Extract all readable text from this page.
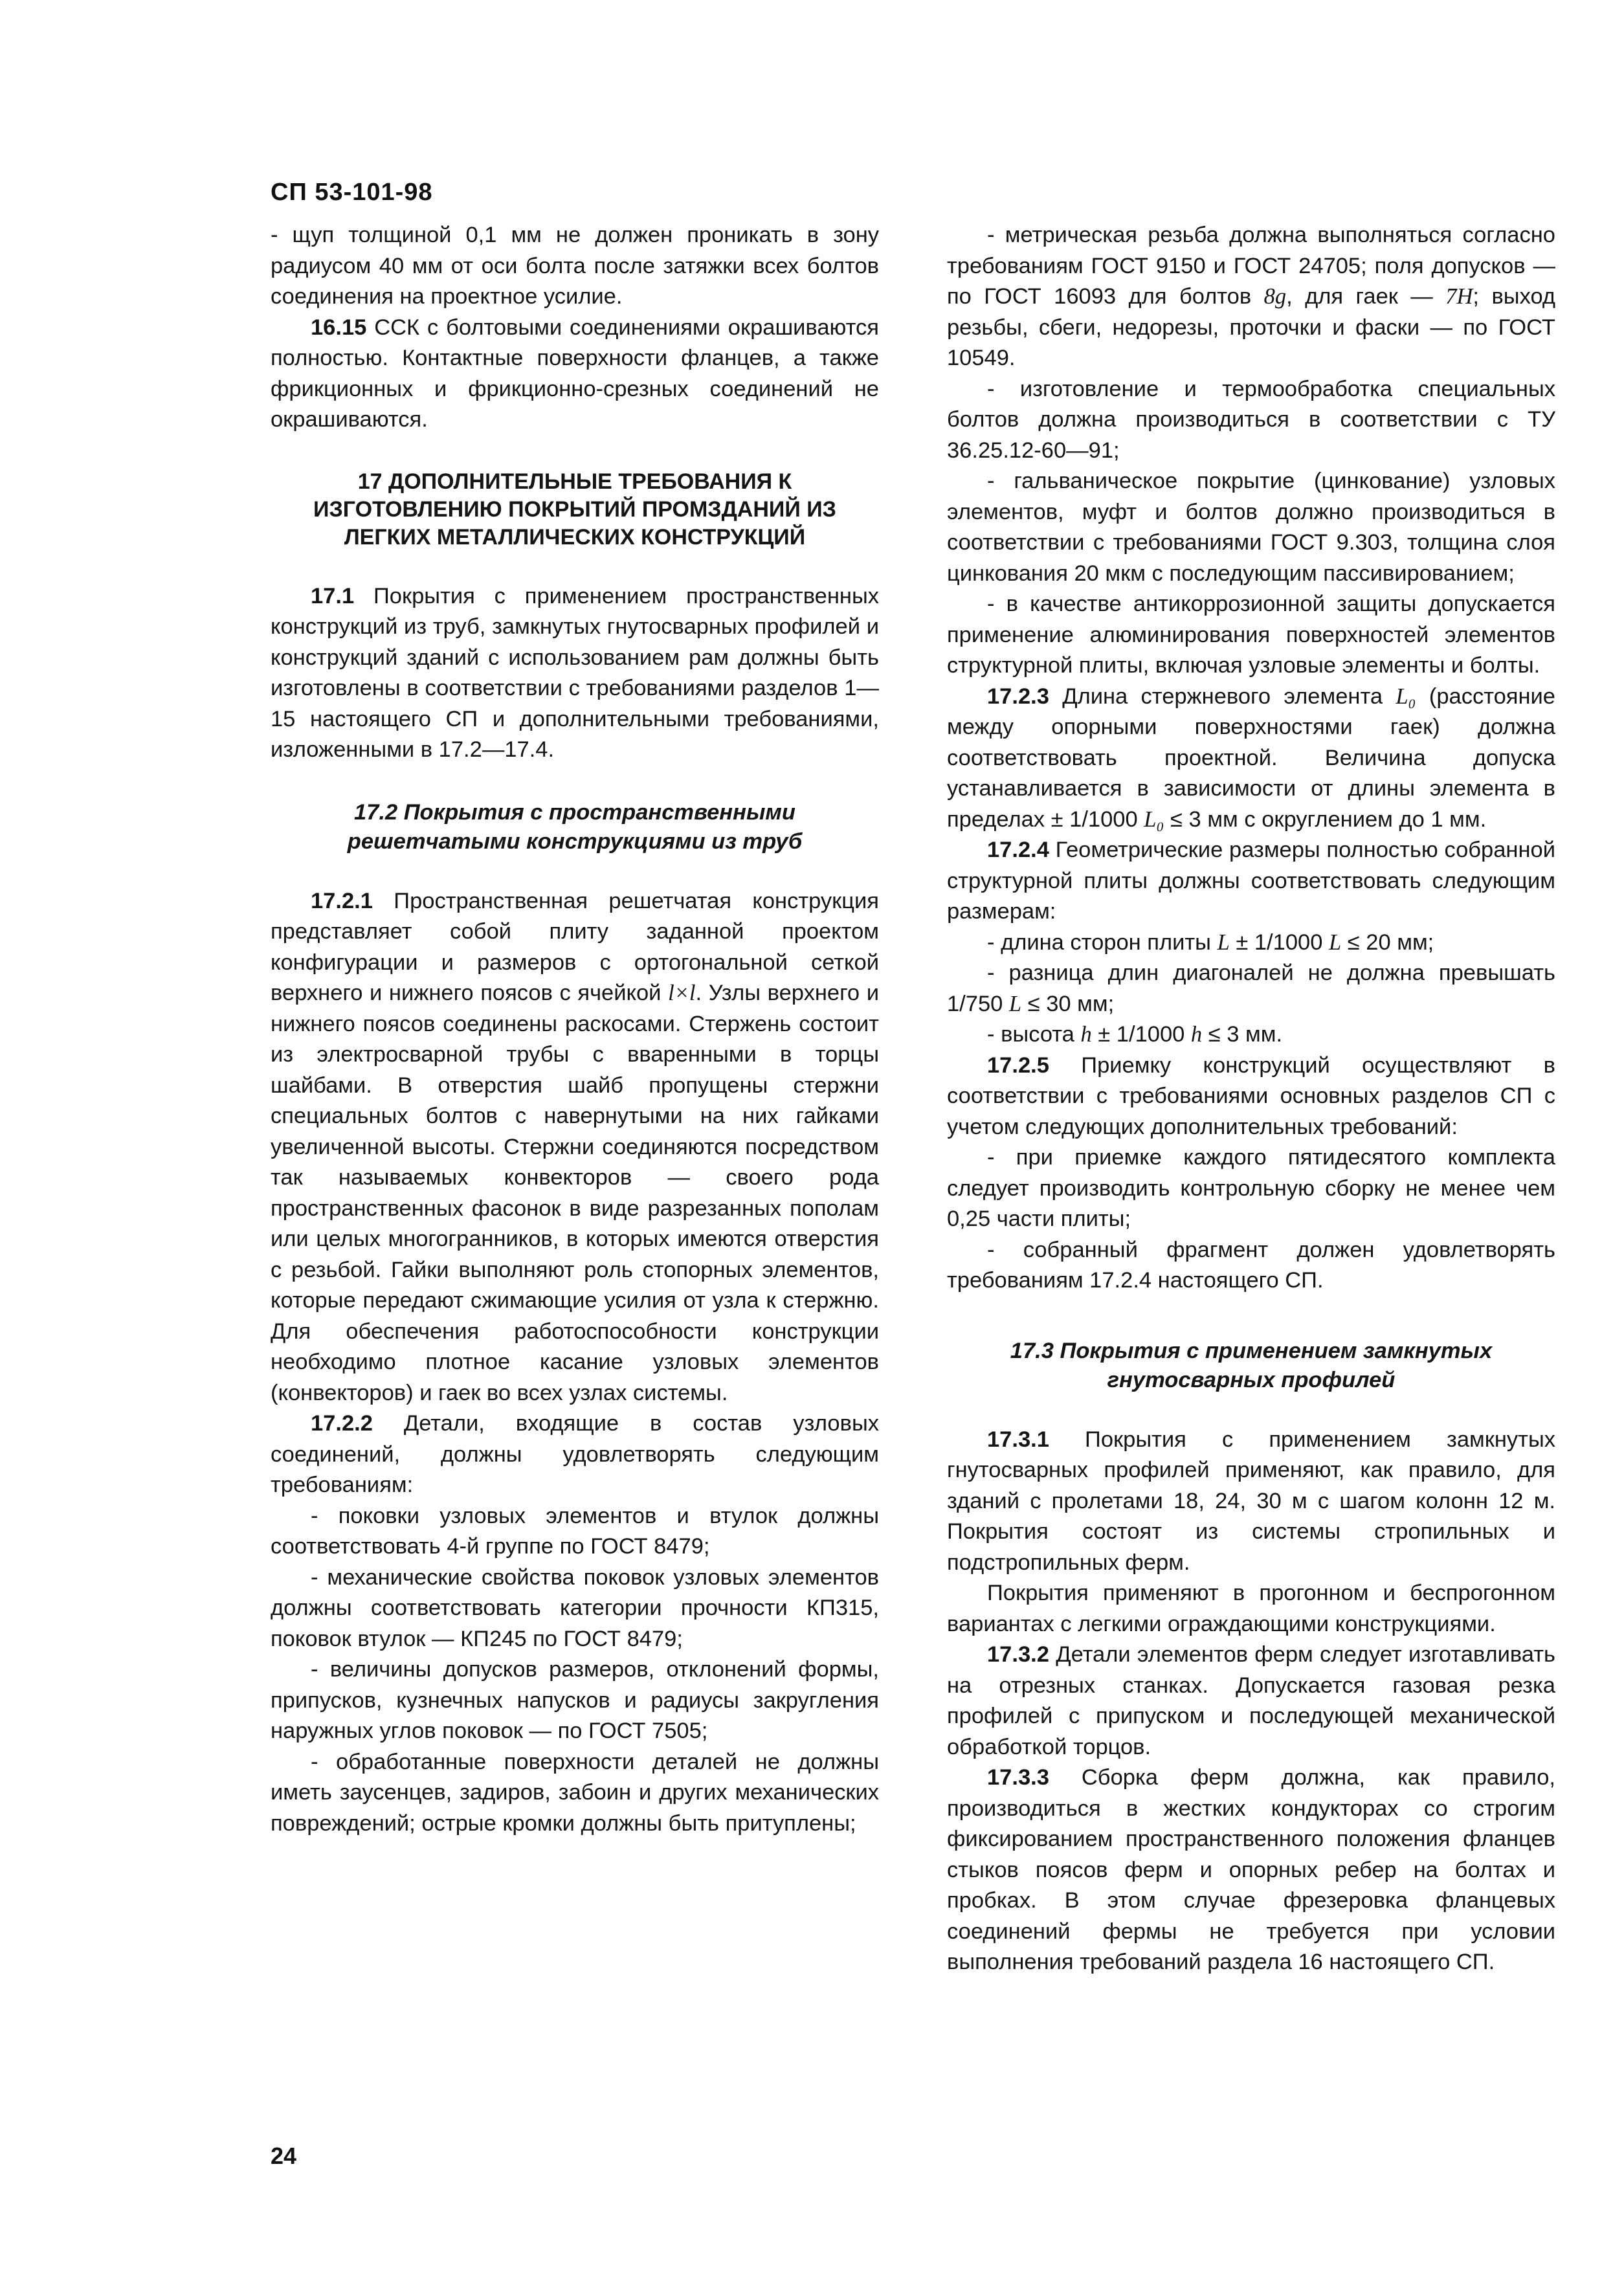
СП 53-101-98

- щуп толщиной 0,1 мм не должен проникать в зону радиусом 40 мм от оси болта после затяжки всех болтов соединения на проектное усилие.

16.15 ССК с болтовыми соединениями окрашиваются полностью. Контактные поверхности фланцев, а также фрикционных и фрикционно-срезных соединений не окрашиваются.

17 ДОПОЛНИТЕЛЬНЫЕ ТРЕБОВАНИЯ К ИЗГОТОВЛЕНИЮ ПОКРЫТИЙ ПРОМЗДАНИЙ ИЗ ЛЕГКИХ МЕТАЛЛИЧЕСКИХ КОНСТРУКЦИЙ

17.1 Покрытия с применением пространственных конструкций из труб, замкнутых гнутосварных профилей и конструкций зданий с использованием рам должны быть изготовлены в соответствии с требованиями разделов 1—15 настоящего СП и дополнительными требованиями, изложенными в 17.2—17.4.

17.2 Покрытия с пространственными решетчатыми конструкциями из труб

17.2.1 Пространственная решетчатая конструкция представляет собой плиту заданной проектом конфигурации и размеров с ортогональной сеткой верхнего и нижнего поясов с ячейкой l×l. Узлы верхнего и нижнего поясов соединены раскосами. Стержень состоит из электросварной трубы с вваренными в торцы шайбами. В отверстия шайб пропущены стержни специальных болтов с навернутыми на них гайками увеличенной высоты. Стержни соединяются посредством так называемых конвекторов — своего рода пространственных фасонок в виде разрезанных пополам или целых многогранников, в которых имеются отверстия с резьбой. Гайки выполняют роль стопорных элементов, которые передают сжимающие усилия от узла к стержню. Для обеспечения работоспособности конструкции необходимо плотное касание узловых элементов (конвекторов) и гаек во всех узлах системы.

17.2.2 Детали, входящие в состав узловых соединений, должны удовлетворять следующим требованиям:

- поковки узловых элементов и втулок должны соответствовать 4-й группе по ГОСТ 8479;

- механические свойства поковок узловых элементов должны соответствовать категории прочности КП315, поковок втулок — КП245 по ГОСТ 8479;

- величины допусков размеров, отклонений формы, припусков, кузнечных напусков и радиусы закругления наружных углов поковок — по ГОСТ 7505;

- обработанные поверхности деталей не должны иметь заусенцев, задиров, забоин и других механических повреждений; острые кромки должны быть притуплены;

- метрическая резьба должна выполняться согласно требованиям ГОСТ 9150 и ГОСТ 24705; поля допусков — по ГОСТ 16093 для болтов 8g, для гаек — 7H; выход резьбы, сбеги, недорезы, проточки и фаски — по ГОСТ 10549.

- изготовление и термообработка специальных болтов должна производиться в соответствии с ТУ 36.25.12-60—91;

- гальваническое покрытие (цинкование) узловых элементов, муфт и болтов должно производиться в соответствии с требованиями ГОСТ 9.303, толщина слоя цинкования 20 мкм с последующим пассивированием;

- в качестве антикоррозионной защиты допускается применение алюминирования поверхностей элементов структурной плиты, включая узловые элементы и болты.

17.2.3 Длина стержневого элемента L₀ (расстояние между опорными поверхностями гаек) должна соответствовать проектной. Величина допуска устанавливается в зависимости от длины элемента в пределах ± 1/1000 L₀ ≤ 3 мм с округлением до 1 мм.

17.2.4 Геометрические размеры полностью собранной структурной плиты должны соответствовать следующим размерам:

- длина сторон плиты L ± 1/1000 L ≤ 20 мм;

- разница длин диагоналей не должна превышать 1/750 L ≤ 30 мм;

- высота h ± 1/1000 h ≤ 3 мм.

17.2.5 Приемку конструкций осуществляют в соответствии с требованиями основных разделов СП с учетом следующих дополнительных требований:

- при приемке каждого пятидесятого комплекта следует производить контрольную сборку не менее чем 0,25 части плиты;

- собранный фрагмент должен удовлетворять требованиям 17.2.4 настоящего СП.

17.3 Покрытия с применением замкнутых гнутосварных профилей

17.3.1 Покрытия с применением замкнутых гнутосварных профилей применяют, как правило, для зданий с пролетами 18, 24, 30 м с шагом колонн 12 м. Покрытия состоят из системы стропильных и подстропильных ферм.

Покрытия применяют в прогонном и беспрогонном вариантах с легкими ограждающими конструкциями.

17.3.2 Детали элементов ферм следует изготавливать на отрезных станках. Допускается газовая резка профилей с припуском и последующей механической обработкой торцов.

17.3.3 Сборка ферм должна, как правило, производиться в жестких кондукторах со строгим фиксированием пространственного положения фланцев стыков поясов ферм и опорных ребер на болтах и пробках. В этом случае фрезеровка фланцевых соединений фермы не требуется при условии выполнения требований раздела 16 настоящего СП.

24
